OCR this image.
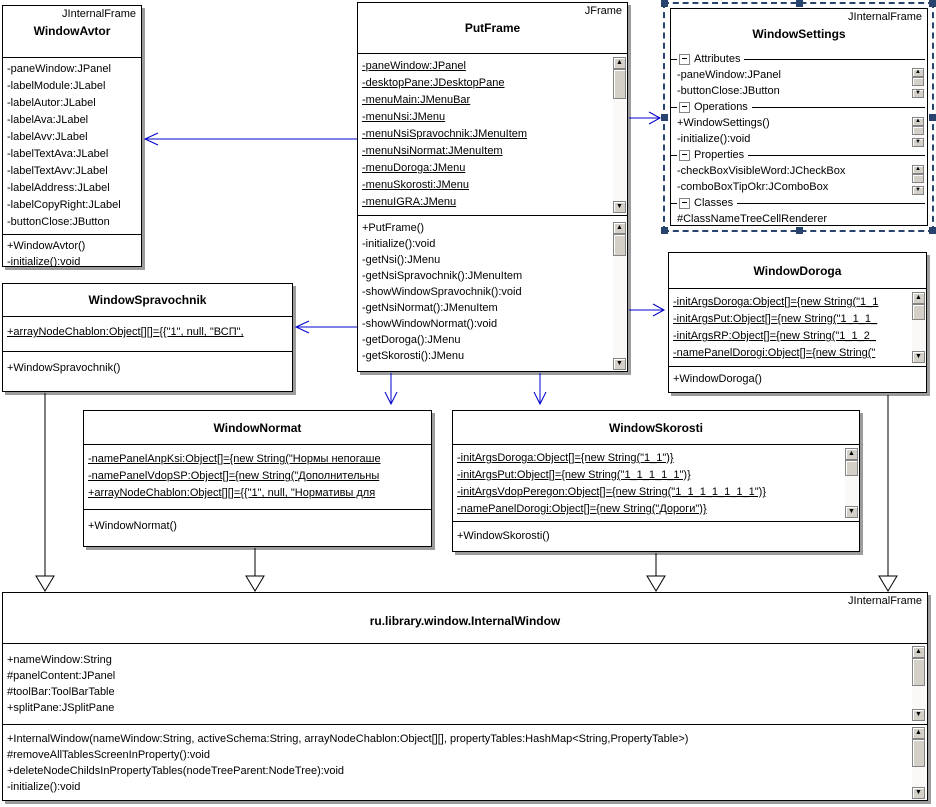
JInternalFrame
WindowAvtor
-paneWindow:JPanel
-labelModule:JLabel
-labelAutor:JLabel
-labelAva:JLabel
-labelAvv:JLabel
-labelTextAva:JLabel
-labelTextAvv:JLabel
-labelAddress:JLabel
-labelCopyRight:JLabel
-buttonClose:JButton
+WindowAvtor()
-initialize():void
JFrame
PutFrame
-paneWindow:JPanel
-desktopPane:JDesktopPane
-menuMain:JMenuBar
-menuNsi:JMenu
-menuNsiSpravochnik:JMenuItem
-menuNsiNormat:JMenuItem
-menuDoroga:JMenu
-menuSkorosti:JMenu
-menuIGRA:JMenu
+PutFrame()
-initialize():void
-getNsi():JMenu
-getNsiSpravochnik():JMenuItem
-showWindowSpravochnik():void
-getNsiNormat():JMenuItem
-showWindowNormat():void
-getDoroga():JMenu
-getSkorosti():JMenu
▲
▼
▲
▼
JInternalFrame
WindowSettings
Attributes
-paneWindow:JPanel
-buttonClose:JButton
Operations
+WindowSettings()
-initialize():void
Properties
-checkBoxVisibleWord:JCheckBox
-comboBoxTipOkr:JComboBox
Classes
#ClassNameTreeCellRenderer
▲
▼
▲
▼
▲
▼
WindowSpravochnik
+arrayNodeChablon:Object[][]={{"1", null, "ВСП",
+WindowSpravochnik()
WindowDoroga
-initArgsDoroga:Object[]={new String("1_1
-initArgsPut:Object[]={new String("1_1_1_
-initArgsRP:Object[]={new String("1_1_2_
-namePanelDorogi:Object[]={new String("
+WindowDoroga()
▲
▼
WindowNormat
-namePanelAnpKsi:Object[]={new String("Нормы непогаше
-namePanelVdopSP:Object[]={new String("Дополнительны
+arrayNodeChablon:Object[][]={{"1", null, "Нормативы для
+WindowNormat()
WindowSkorosti
-initArgsDoroga:Object[]={new String("1_1")}
-initArgsPut:Object[]={new String("1_1_1_1_1")}
-initArgsVdopPeregon:Object[]={new String("1_1_1_1_1_1_1")}
-namePanelDorogi:Object[]={new String("Дороги")}
+WindowSkorosti()
▲
▼
JInternalFrame
ru.library.window.InternalWindow
+nameWindow:String
#panelContent:JPanel
#toolBar:ToolBarTable
+splitPane:JSplitPane
+InternalWindow(nameWindow:String, activeSchema:String, arrayNodeChablon:Object[][], propertyTables:HashMap<String,PropertyTable>)
#removeAllTablesScreenInProperty():void
+deleteNodeChildsInPropertyTables(nodeTreeParent:NodeTree):void
-initialize():void
▲
▼
▲
▼
